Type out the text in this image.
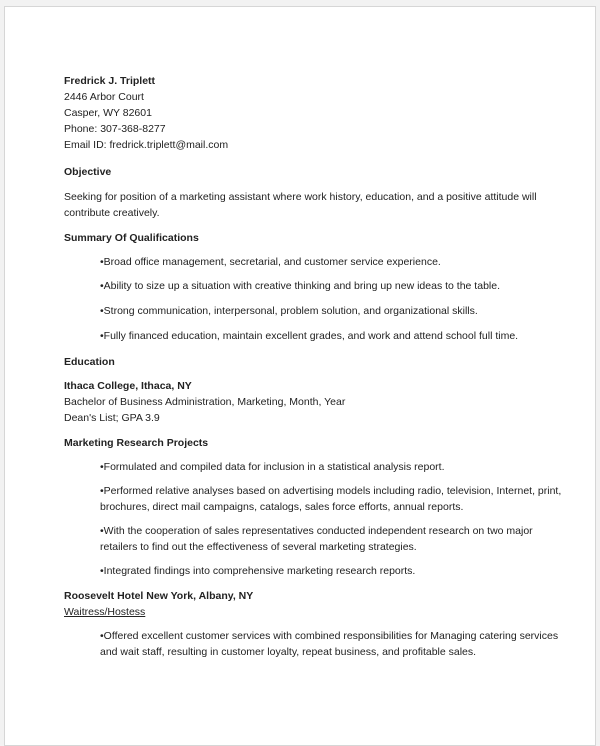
Fredrick J. Triplett
2446 Arbor Court
Casper, WY 82601
Phone: 307-368-8277
Email ID: fredrick.triplett@mail.com
Objective
Seeking for position of a marketing assistant where work history, education, and a positive attitude will contribute creatively.
Summary Of Qualifications
•Broad office management, secretarial, and customer service experience.
•Ability to size up a situation with creative thinking and bring up new ideas to the table.
•Strong communication, interpersonal, problem solution, and organizational skills.
•Fully financed education, maintain excellent grades, and work and attend school full time.
Education
Ithaca College, Ithaca, NY
Bachelor of Business Administration, Marketing, Month, Year
Dean's List; GPA 3.9
Marketing Research Projects
•Formulated and compiled data for inclusion in a statistical analysis report.
•Performed relative analyses based on advertising models including radio, television, Internet, print, brochures, direct mail campaigns, catalogs, sales force efforts, annual reports.
•With the cooperation of sales representatives conducted independent research on two major retailers to find out the effectiveness of several marketing strategies.
•Integrated findings into comprehensive marketing research reports.
Roosevelt Hotel New York, Albany, NY
Waitress/Hostess
•Offered excellent customer services with combined responsibilities for Managing catering services and wait staff, resulting in customer loyalty, repeat business, and profitable sales.
